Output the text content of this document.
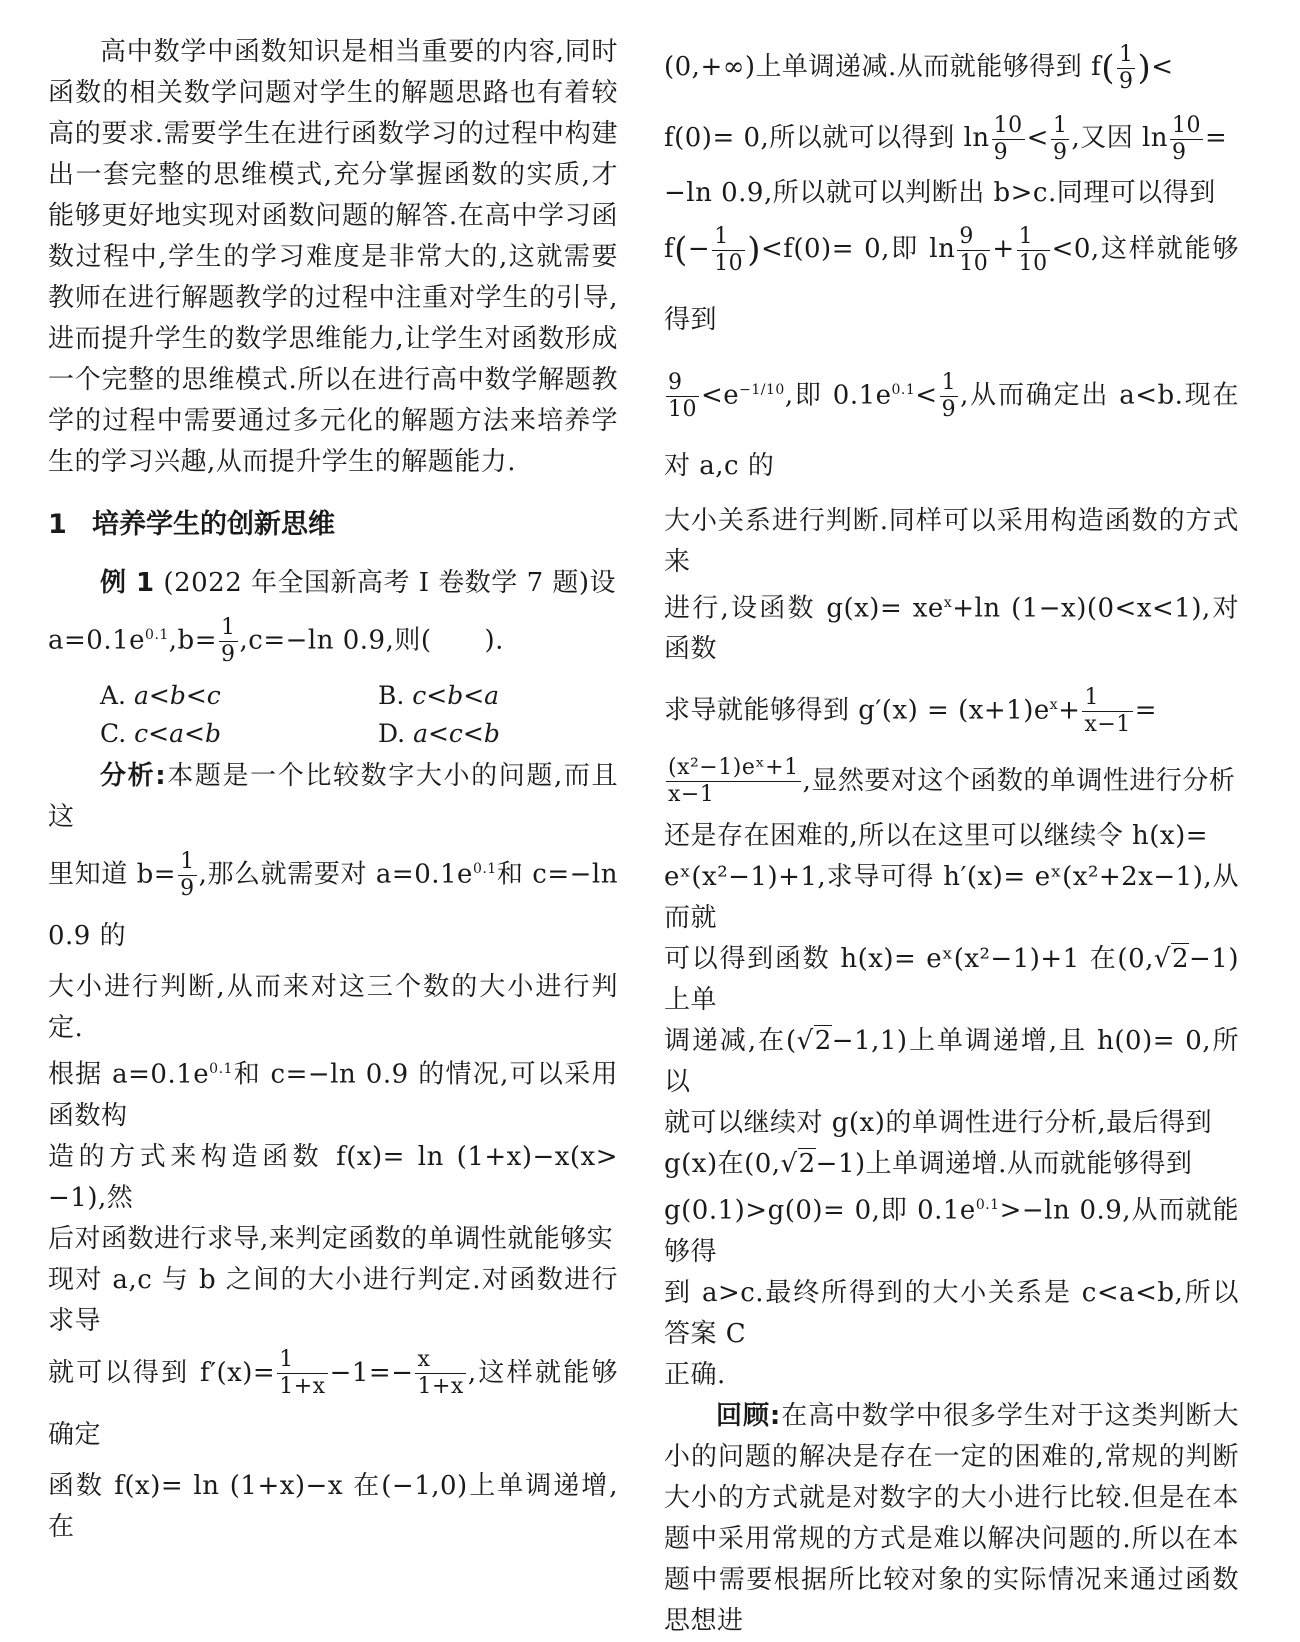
高中数学中函数知识是相当重要的内容,同时函数的相关数学问题对学生的解题思路也有着较高的要求.需要学生在进行函数学习的过程中构建出一套完整的思维模式,充分掌握函数的实质,才能够更好地实现对函数问题的解答.在高中学习函数过程中,学生的学习难度是非常大的,这就需要教师在进行解题教学的过程中注重对学生的引导,进而提升学生的数学思维能力,让学生对函数形成一个完整的思维模式.所以在进行高中数学解题教学的过程中需要通过多元化的解题方法来培养学生的学习兴趣,从而提升学生的解题能力.

1 培养学生的创新思维

例 1 (2022 年全国新高考 Ⅰ 卷数学 7 题)设

$a=0.1e^{0.1},b= \frac{1}{9} ,c=-\ln$ 0.9,则(   ).

A. a<b<c	B. c<b<a
C. c<a<b	D. a<c<b

分析:本题是一个比较数字大小的问题,而且这

里知道 $b= \frac{1}{9}$ ,那么就需要对 $a=0.1e^{0.1}$和 c=−ln 0.9 的

大小进行判断,从而来对这三个数的大小进行判定.

根据 $a=0.1e^{0.1}$和 c=−ln 0.9 的情况,可以采用函数构

造的方式来构造函数 f(x)= ln (1+x)−x(x>−1),然

后对函数进行求导,来判定函数的单调性就能够实

现对 a,c 与 b 之间的大小进行判定.对函数进行求导

就可以得到 $f'(x)= \frac{1}{1+x} -1=- \frac{x}{1+x}$ ,这样就能够确定

函数 f(x)= ln (1+x)−x 在(−1,0)上单调递增,在

(0,+∞)上单调递减.从而就能够得到 $f( \frac{1}{9}$ )<

f(0)= 0,所以就可以得到 $\ln \frac{10}{9} < \frac{1}{9}$ ,又因 $\ln \frac{10}{9}$ =

−ln 0.9,所以就可以判断出 b>c.同理可以得到

$f(- \frac{1}{10} )<f(0)= 0$,即 $\ln \frac{9}{10} + \frac{1}{10} <0$,这样就能够得到

$\frac{9}{10} <e^{-1/10}$,即 $0.1e^{0.1}< \frac{1}{9}$ ,从而确定出 a<b.现在对 a,c 的

大小关系进行判断.同样可以采用构造函数的方式来

进行,设函数 $g(x)= xe^x+\ln$ (1−x)(0<x<1),对函数

求导就能够得到 $g'(x) = (x+1)e^x+ \frac{1}{x-1}$ =

$\frac{\text{(x²−1)eˣ+1}}{x-1}$ ,显然要对这个函数的单调性进行分析

还是存在困难的,所以在这里可以继续令 h(x)=

eˣ(x²−1)+1,求导可得 h′(x)= eˣ(x²+2x−1),从而就

可以得到函数 h(x)= eˣ(x²−1)+1 在(0,√2−1)上单

调递减,在(√2−1,1)上单调递增,且 h(0)= 0,所以

就可以继续对 g(x)的单调性进行分析,最后得到

g(x)在(0,√2−1)上单调递增.从而就能够得到

g(0.1)>g(0)= 0,即 $0.1e^{0.1}>-\ln$ 0.9,从而就能够得

到 a>c.最终所得到的大小关系是 c<a<b,所以答案 C

正确.

回顾:在高中数学中很多学生对于这类判断大小的问题的解决是存在一定的困难的,常规的判断大小的方式就是对数字的大小进行比较.但是在本题中采用常规的方式是难以解决问题的.所以在本题中需要根据所比较对象的实际情况来通过函数思想进
